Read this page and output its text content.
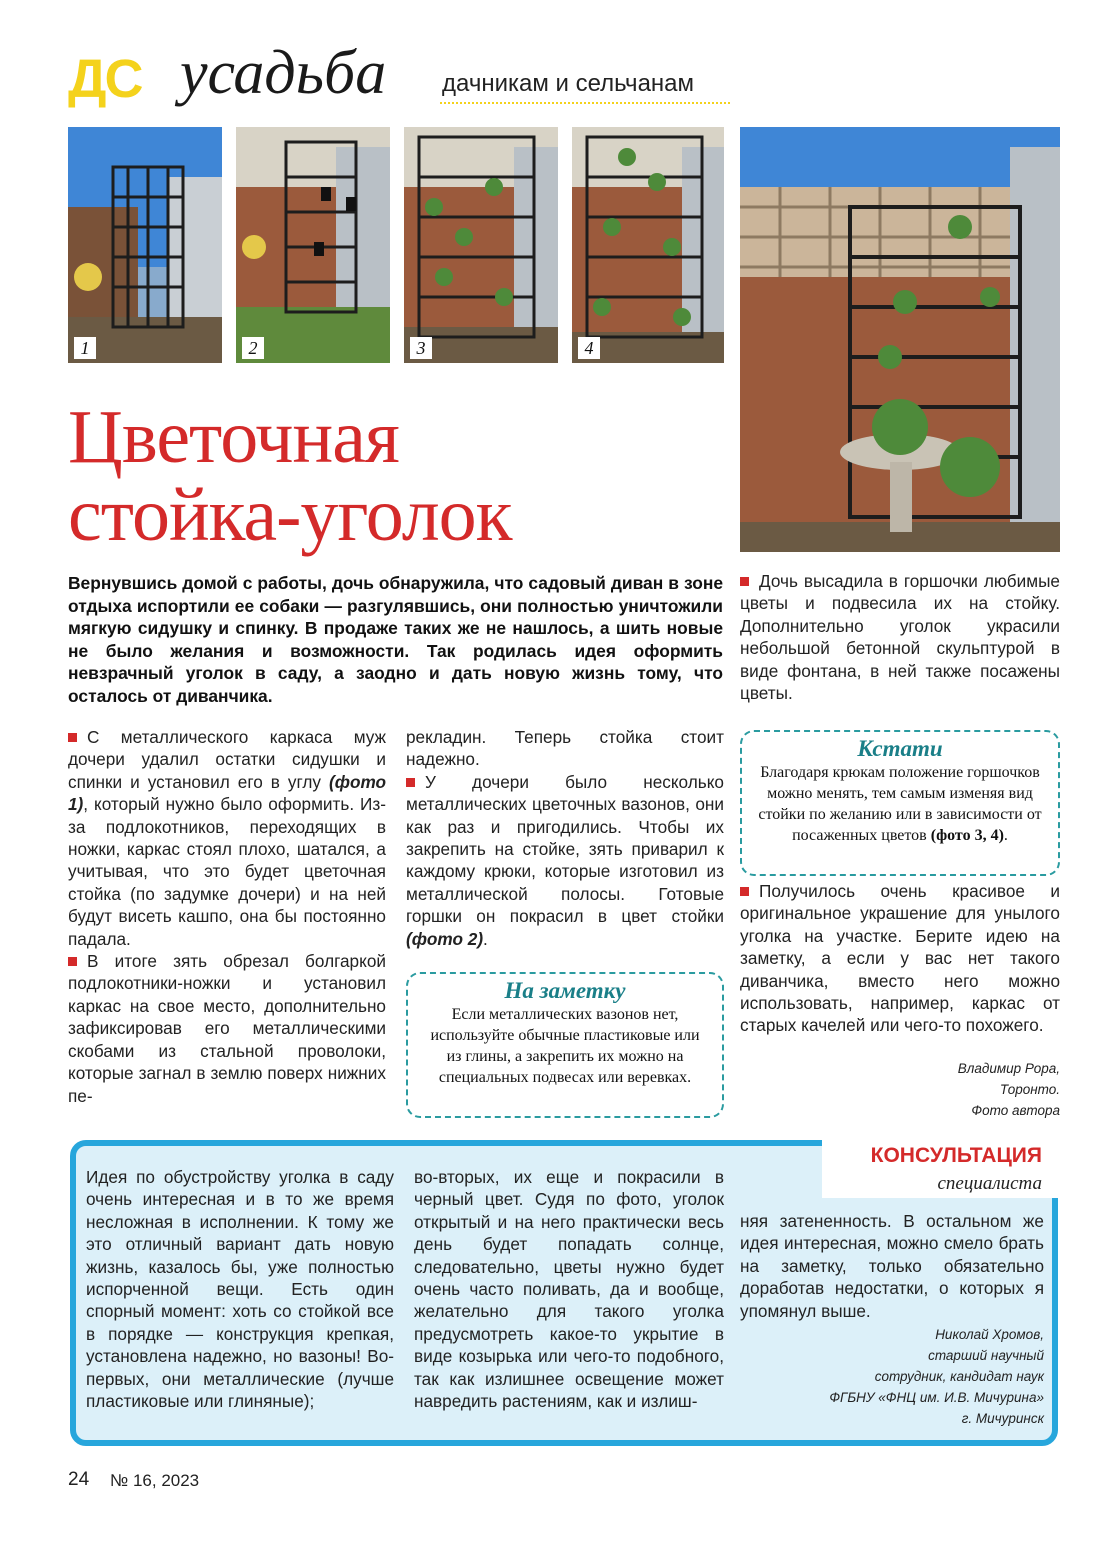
ДС усадьба дачникам и сельчанам
1	2	3	4
Цветочная
стойка-уголок
Вернувшись домой с работы, дочь обнаружила, что садовый диван в зоне отдыха испортили ее собаки — разгулявшись, они полностью уничтожили мягкую сидушку и спинку. В продаже таких же не нашлось, а шить новые не было желания и возможности. Так родилась идея оформить невзрачный уголок в саду, а заодно и дать новую жизнь тому, что осталось от диванчика.

С металлического каркаса муж дочери удалил остатки сидушки и спинки и установил его в углу (фото 1), который нужно было оформить. Из-за подлокотников, переходящих в ножки, каркас стоял плохо, шатался, а учитывая, что это будет цветочная стойка (по задумке дочери) и на ней будут висеть кашпо, она бы постоянно падала.

В итоге зять обрезал болгаркой подлокотники-ножки и установил каркас на свое место, дополнительно зафиксировав его металлическими скобами из стальной проволоки, которые загнал в землю поверх нижних пе-

рекладин. Теперь стойка стоит надежно.

У дочери было несколько металлических цветочных вазонов, они как раз и пригодились. Чтобы их закрепить на стойке, зять приварил к каждому крюки, которые изготовил из металлической полосы. Готовые горшки он покрасил в цвет стойки (фото 2).

На заметку
Если металлических вазонов нет, используйте обычные пластиковые или из глины, а закрепить их можно на специальных подвесах или веревках.

Дочь высадила в горшочки любимые цветы и подвесила их на стойку. Дополнительно уголок украсили небольшой бетонной скульптурой в виде фонтана, в ней также посажены цветы.

Кстати
Благодаря крюкам положение горшочков можно менять, тем самым изменяя вид стойки по желанию или в зависимости от посаженных цветов (фото 3, 4).

Получилось очень красивое и оригинальное украшение для унылого уголка на участке. Берите идею на заметку, а если у вас нет такого диванчика, вместо него можно использовать, например, каркас от старых качелей или чего-то похожего.

Владимир Рора,
Торонто.
Фото автора
КОНСУЛЬТАЦИЯ
специалиста
Идея по обустройству уголка в саду очень интересная и в то же время несложная в исполнении. К тому же это отличный вариант дать новую жизнь, казалось бы, уже полностью испорченной вещи. Есть один спорный момент: хоть со стойкой все в порядке — конструкция крепкая, установлена надежно, но вазоны! Во-первых, они металлические (лучше пластиковые или глиняные);
во-вторых, их еще и покрасили в черный цвет. Судя по фото, уголок открытый и на него практически весь день будет попадать солнце, следовательно, цветы нужно будет очень часто поливать, да и вообще, желательно для такого уголка предусмотреть какое-то укрытие в виде козырька или чего-то подобного, так как излишнее освещение может навредить растениям, как и излиш-
няя затененность. В остальном же идея интересная, можно смело брать на заметку, только обязательно доработав недостатки, о которых я упомянул выше.
Николай Хромов,
старший научный
сотрудник, кандидат наук
ФГБНУ «ФНЦ им. И.В. Мичурина»
г. Мичуринск
24 № 16, 2023
